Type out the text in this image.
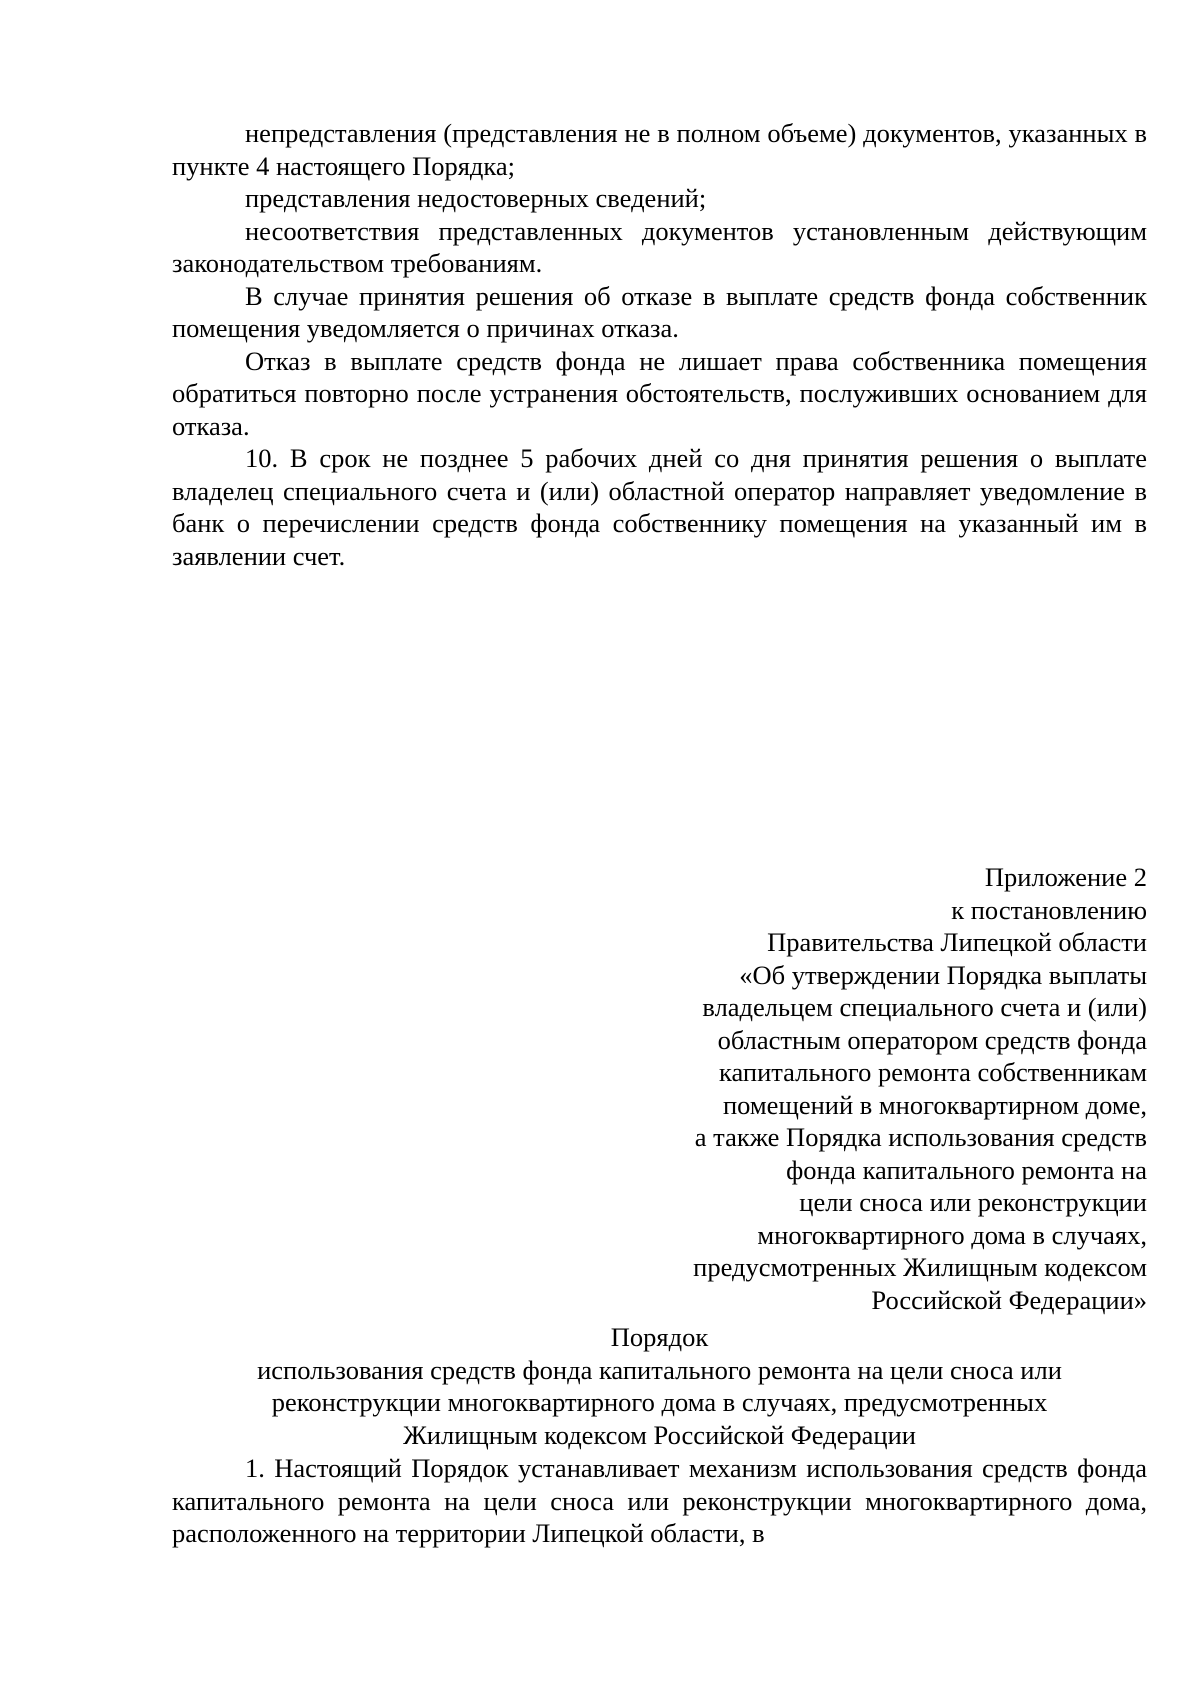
непредставления (представления не в полном объеме) документов, указанных в пункте 4 настоящего Порядка;

представления недостоверных сведений;

несоответствия представленных документов установленным действующим законодательством требованиям.

В случае принятия решения об отказе в выплате средств фонда собственник помещения уведомляется о причинах отказа.

Отказ в выплате средств фонда не лишает права собственника помещения обратиться повторно после устранения обстоятельств, послуживших основанием для отказа.

10. В срок не позднее 5 рабочих дней со дня принятия решения о выплате владелец специального счета и (или) областной оператор направляет уведомление в банк о перечислении средств фонда собственнику помещения на указанный им в заявлении счет.

Приложение 2
к постановлению
Правительства Липецкой области
«Об утверждении Порядка выплаты
владельцем специального счета и (или)
областным оператором средств фонда
капитального ремонта собственникам
помещений в многоквартирном доме,
а также Порядка использования средств
фонда капитального ремонта на
цели сноса или реконструкции
многоквартирного дома в случаях,
предусмотренных Жилищным кодексом
Российской Федерации»
Порядок
использования средств фонда капитального ремонта на цели сноса или
реконструкции многоквартирного дома в случаях, предусмотренных
Жилищным кодексом Российской Федерации

1. Настоящий Порядок устанавливает механизм использования средств фонда капитального ремонта на цели сноса или реконструкции многоквартирного дома, расположенного на территории Липецкой области, в
